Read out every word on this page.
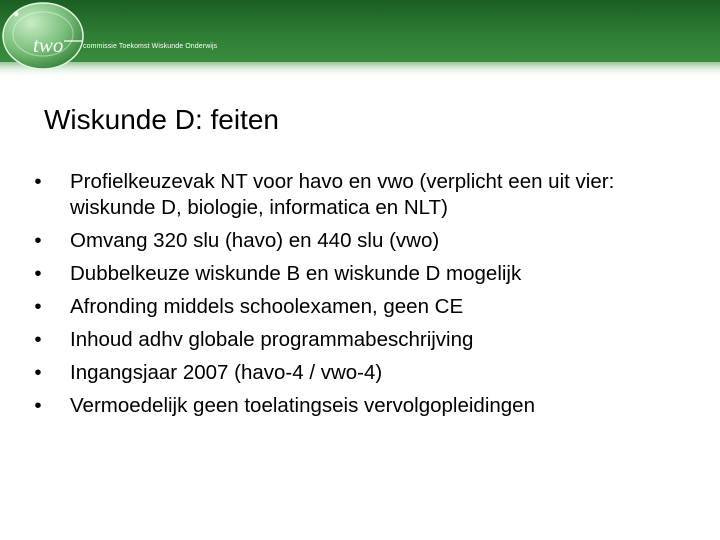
two	commissie Toekomst Wiskunde Onderwijs
Wiskunde D: feiten
• Profielkeuzevak NT voor havo en vwo (verplicht een uit vier: wiskunde D, biologie, informatica en NLT)
• Omvang 320 slu (havo) en 440 slu (vwo)
• Dubbelkeuze wiskunde B en wiskunde D mogelijk
• Afronding middels schoolexamen, geen CE
• Inhoud adhv globale programmabeschrijving
• Ingangsjaar 2007 (havo-4 / vwo-4)
• Vermoedelijk geen toelatingseis vervolgopleidingen
